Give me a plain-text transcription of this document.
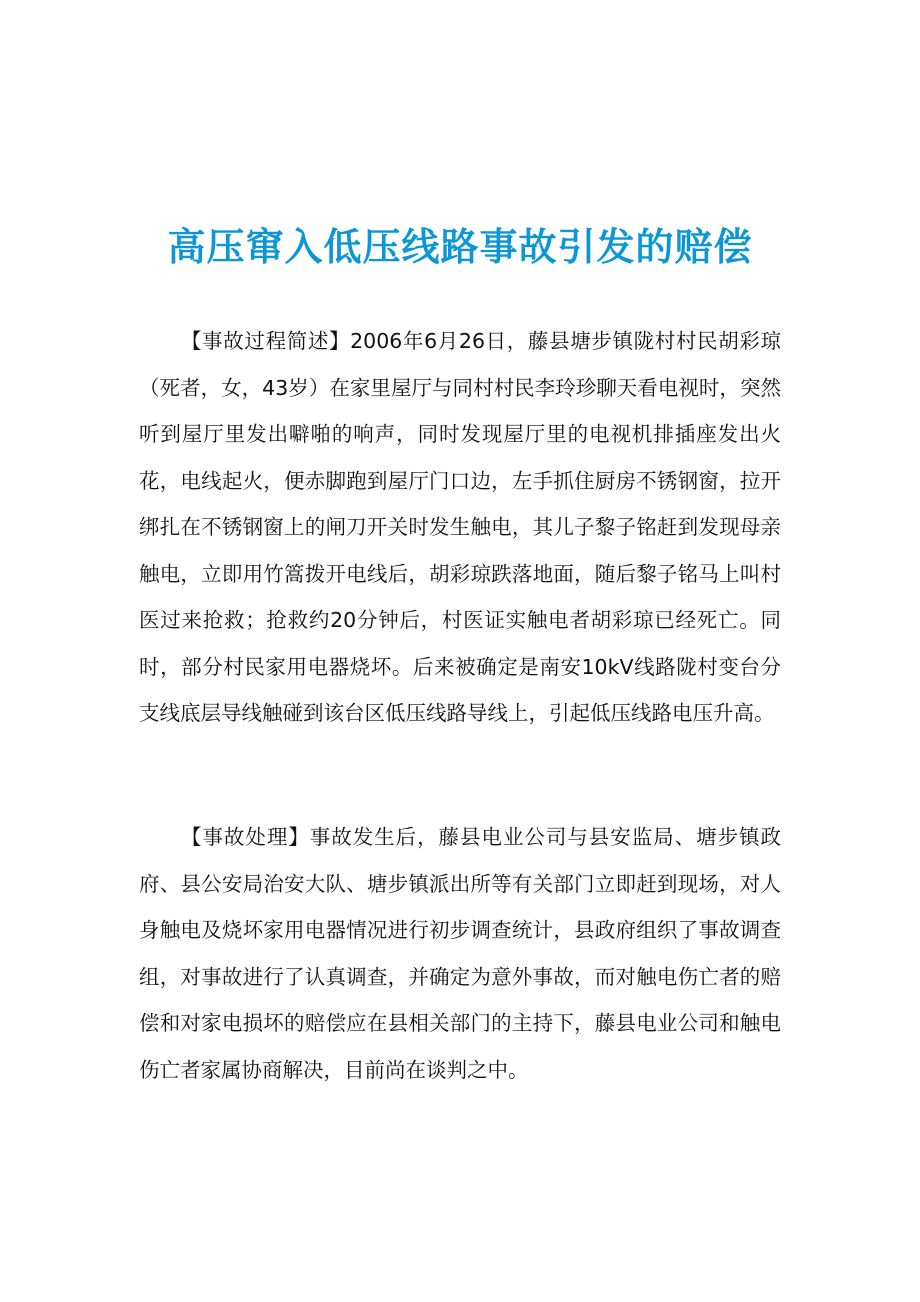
高压窜入低压线路事故引发的赔偿

【事故过程简述】2006年6月26日，藤县塘步镇陇村村民胡彩琼（死者，女，43岁）在家里屋厅与同村村民李玲珍聊天看电视时，突然听到屋厅里发出噼啪的响声，同时发现屋厅里的电视机排插座发出火花，电线起火，便赤脚跑到屋厅门口边，左手抓住厨房不锈钢窗，拉开绑扎在不锈钢窗上的闸刀开关时发生触电，其儿子黎子铭赶到发现母亲触电，立即用竹篙拨开电线后，胡彩琼跌落地面，随后黎子铭马上叫村医过来抢救；抢救约20分钟后，村医证实触电者胡彩琼已经死亡。同时，部分村民家用电器烧坏。后来被确定是南安10kV线路陇村变台分支线底层导线触碰到该台区低压线路导线上，引起低压线路电压升高。

【事故处理】事故发生后，藤县电业公司与县安监局、塘步镇政府、县公安局治安大队、塘步镇派出所等有关部门立即赶到现场，对人身触电及烧坏家用电器情况进行初步调查统计，县政府组织了事故调查组，对事故进行了认真调查，并确定为意外事故，而对触电伤亡者的赔偿和对家电损坏的赔偿应在县相关部门的主持下，藤县电业公司和触电伤亡者家属协商解决，目前尚在谈判之中。
